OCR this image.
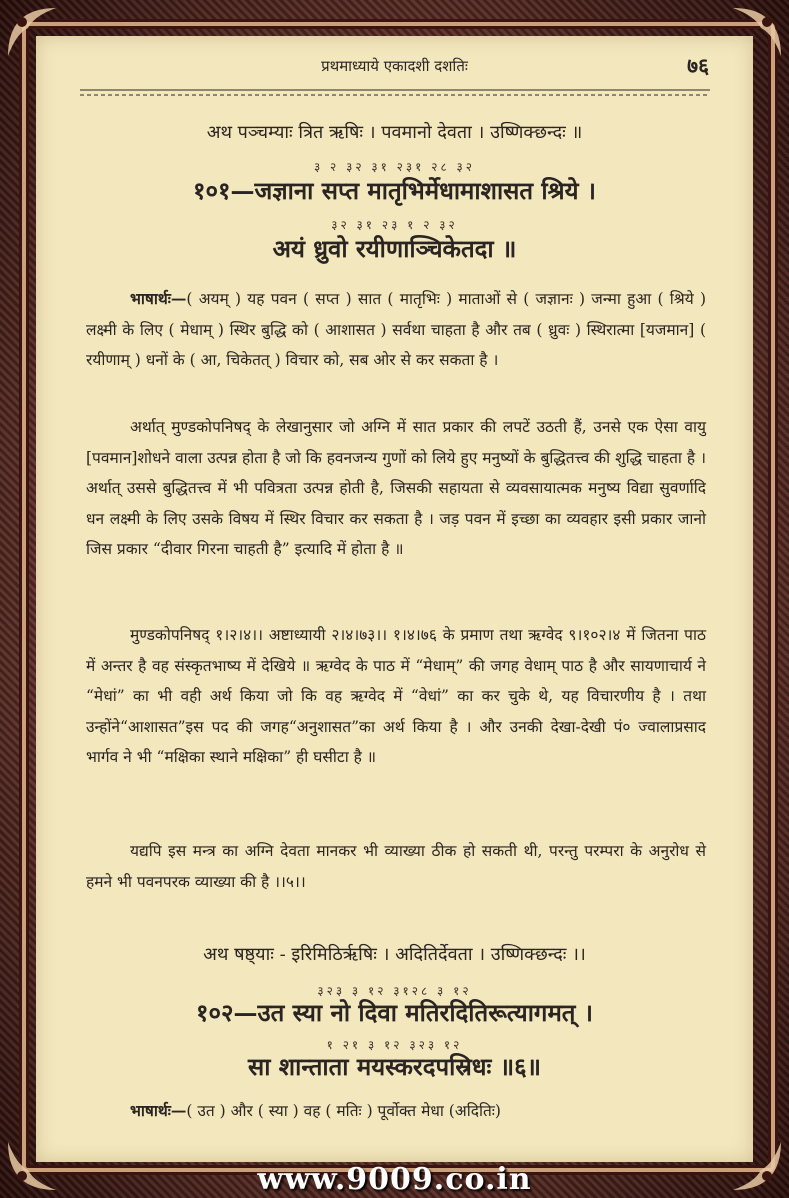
प्रथमाध्याये एकादशी दशतिः	७६
अथ पञ्चम्याः त्रित ऋषिः । पवमानो देवता । उष्णिक्छन्दः ॥
३ २ ३२ ३१ २३१ २८ ३२
१०१—जज्ञाना सप्त मातृभिर्मेधामाशासत श्रिये ।
३२ ३१ २३ १ २ ३२
अयं ध्रुवो रयीणाञ्चिकेतदा ॥
भाषार्थः—( अयम् ) यह पवन ( सप्त ) सात ( मातृभिः ) माताओं से ( जज्ञानः ) जन्मा हुआ ( श्रिये ) लक्ष्मी के लिए ( मेधाम् ) स्थिर बुद्धि को ( आशासत ) सर्वथा चाहता है और तब ( ध्रुवः ) स्थिरात्मा [यजमान] ( रयीणाम् ) धनों के ( आ, चिकेतत् ) विचार को, सब ओर से कर सकता है ।
अर्थात् मुण्डकोपनिषद् के लेखानुसार जो अग्नि में सात प्रकार की लपटें उठती हैं, उनसे एक ऐसा वायु [पवमान]शोधने वाला उत्पन्न होता है जो कि हवनजन्य गुणों को लिये हुए मनुष्यों के बुद्धितत्त्व की शुद्धि चाहता है । अर्थात् उससे बुद्धितत्त्व में भी पवित्रता उत्पन्न होती है, जिसकी सहायता से व्यवसायात्मक मनुष्य विद्या सुवर्णादि धन लक्ष्मी के लिए उसके विषय में स्थिर विचार कर सकता है । जड़ पवन में इच्छा का व्यवहार इसी प्रकार जानो जिस प्रकार “दीवार गिरना चाहती है” इत्यादि में होता है ॥
मुण्डकोपनिषद् १।२।४।। अष्टाध्यायी २।४।७३।। १।४।७६ के प्रमाण तथा ऋग्वेद ९।१०२।४ में जितना पाठ में अन्तर है वह संस्कृतभाष्य में देखिये ॥ ऋग्वेद के पाठ में “मेधाम्” की जगह वेधाम् पाठ है और सायणाचार्य ने “मेधां” का भी वही अर्थ किया जो कि वह ऋग्वेद में “वेधां” का कर चुके थे, यह विचारणीय है । तथा उन्होंने“आशासत”इस पद की जगह“अनुशासत”का अर्थ किया है । और उनकी देखा-देखी पं० ज्वालाप्रसाद भार्गव ने भी “मक्षिका स्थाने मक्षिका” ही घसीटा है ॥
यद्यपि इस मन्त्र का अग्नि देवता मानकर भी व्याख्या ठीक हो सकती थी, परन्तु परम्परा के अनुरोध से हमने भी पवनपरक व्याख्या की है ।।५।।
अथ षष्ठ्याः - इरिमिठिर्ऋषिः । अदितिर्देवता । उष्णिक्छन्दः ।।
३२३ ३ १२ ३१२८ ३ १२
१०२—उत स्या नो दिवा मतिरदितिरूत्यागमत् ।
१ २१ ३ १२ ३२३ १२
सा शान्ताता मयस्करदपस्रिधः ॥६॥
भाषार्थः—( उत ) और ( स्या ) वह ( मतिः ) पूर्वोक्त मेधा (अदितिः)
www.9009.co.in
